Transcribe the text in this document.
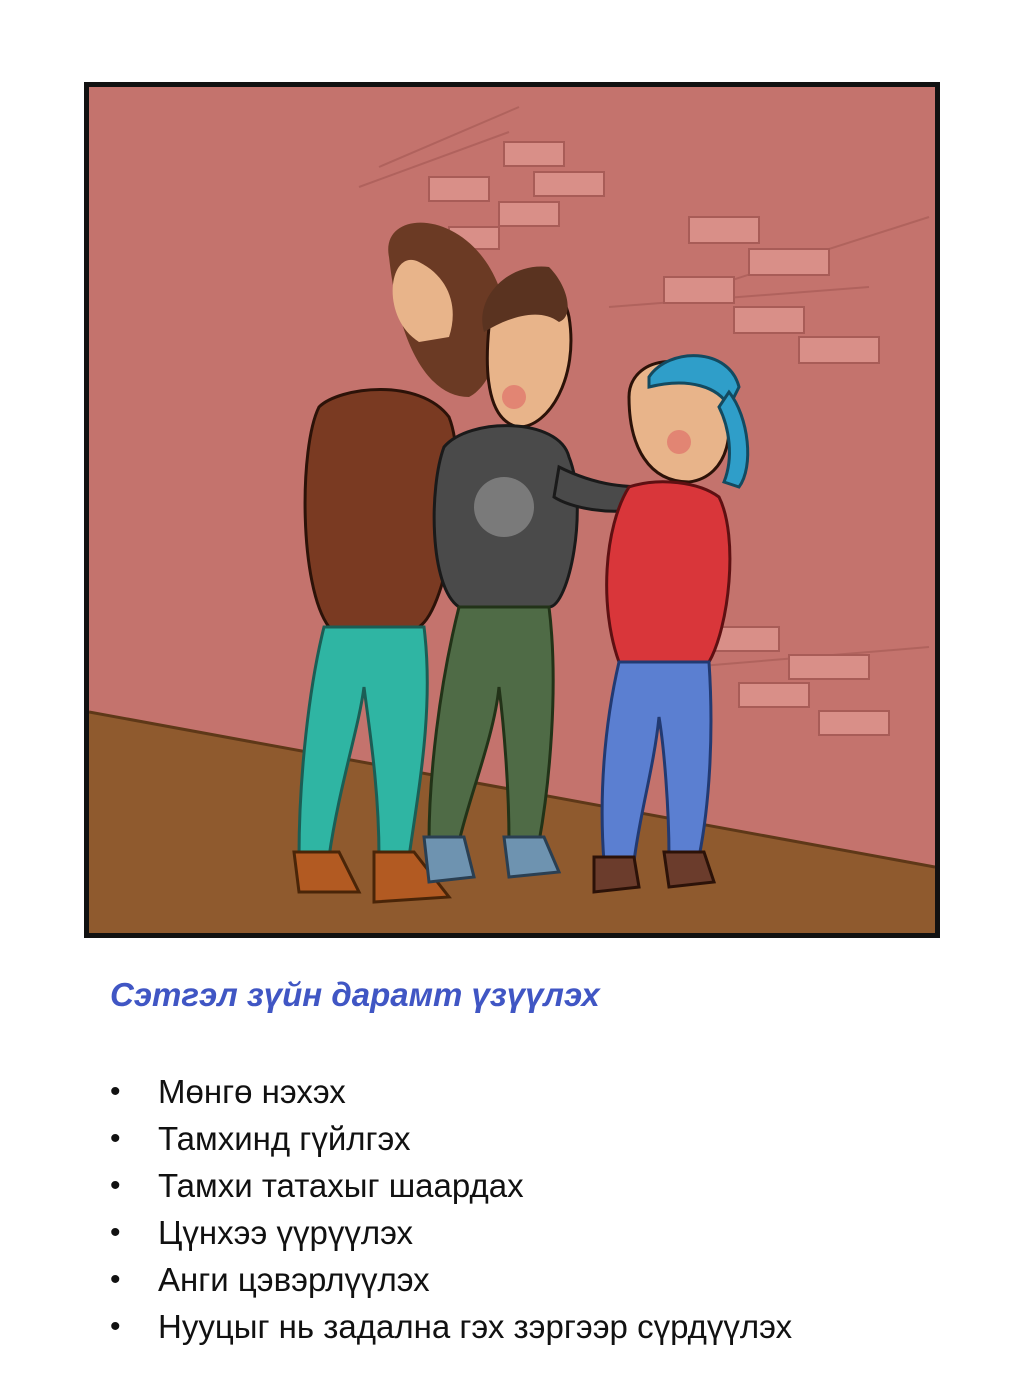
Сэтгэл зүйн дарамт үзүүлэх
• Мөнгө нэхэх
• Тамхинд гүйлгэх
• Тамхи татахыг шаардах
• Цүнхээ үүрүүлэх
• Анги цэвэрлүүлэх
• Нууцыг нь задална гэх зэргээр сүрдүүлэх
